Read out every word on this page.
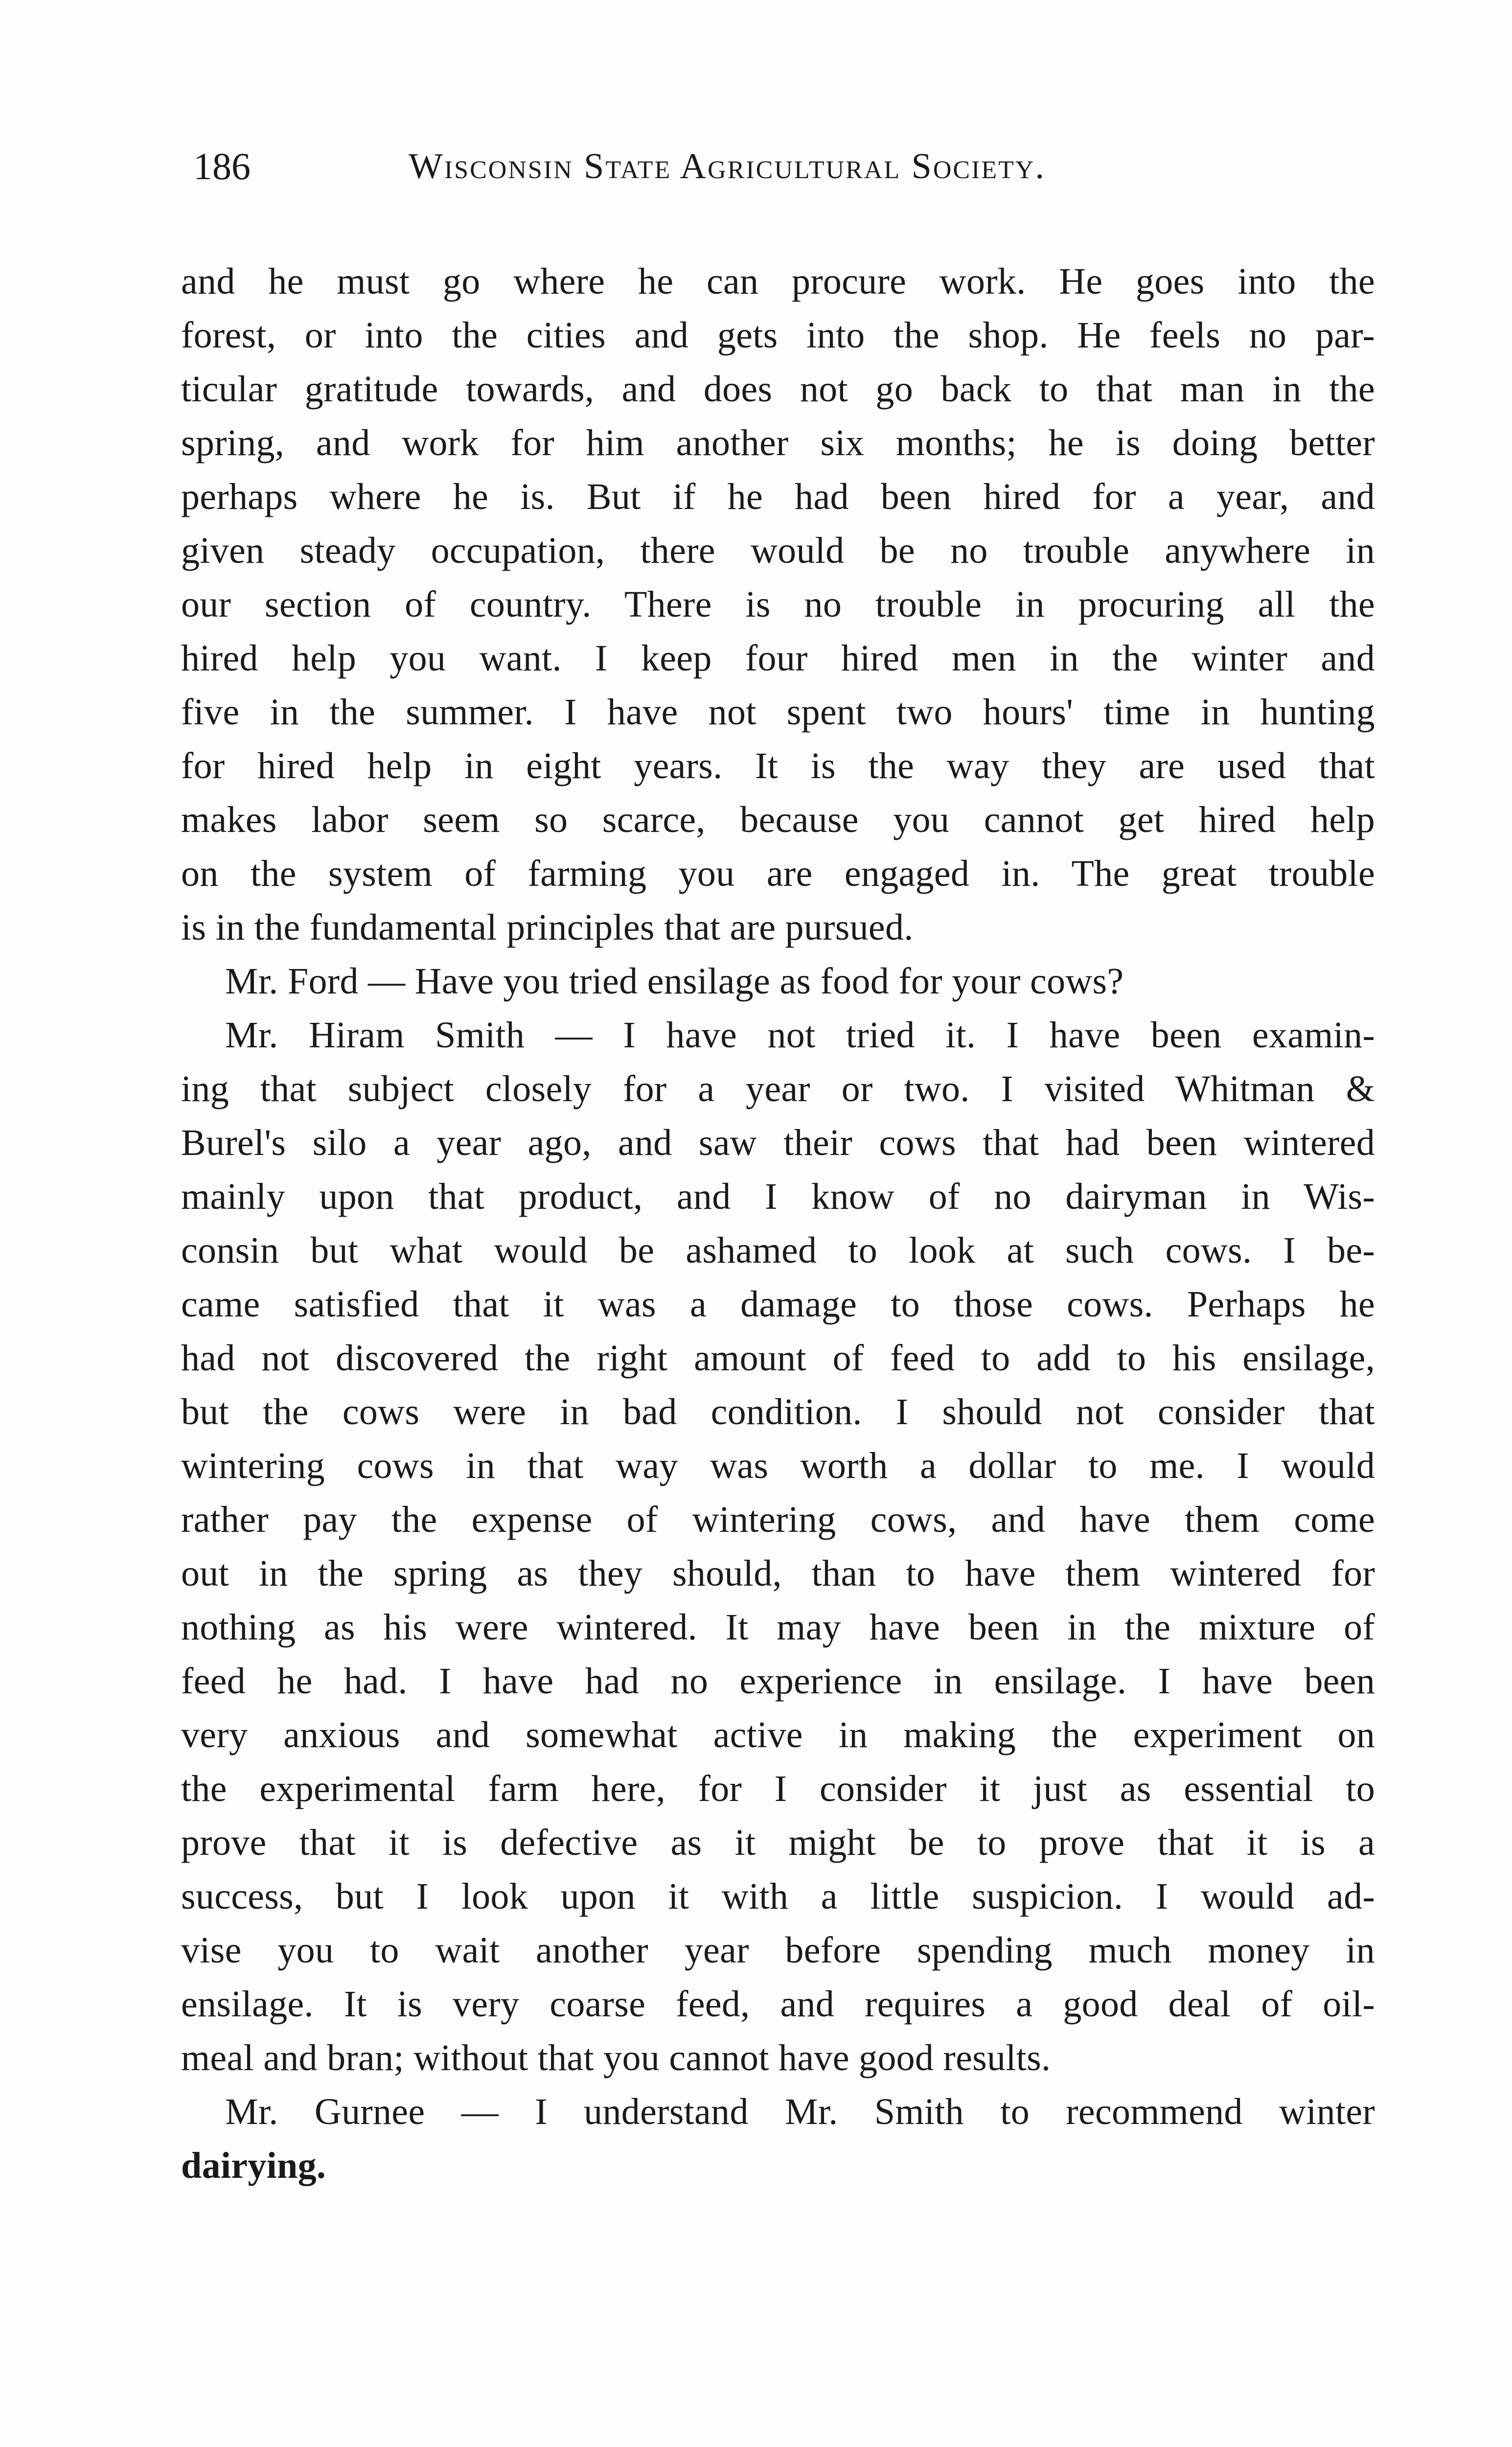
186	Wisconsin State Agricultural Society.
and he must go where he can procure work. He goes into the
forest, or into the cities and gets into the shop. He feels no par-
ticular gratitude towards, and does not go back to that man in the
spring, and work for him another six months; he is doing better
perhaps where he is. But if he had been hired for a year, and
given steady occupation, there would be no trouble anywhere in
our section of country. There is no trouble in procuring all the
hired help you want. I keep four hired men in the winter and
five in the summer. I have not spent two hours' time in hunting
for hired help in eight years. It is the way they are used that
makes labor seem so scarce, because you cannot get hired help
on the system of farming you are engaged in. The great trouble
is in the fundamental principles that are pursued.
Mr. Ford — Have you tried ensilage as food for your cows?
Mr. Hiram Smith — I have not tried it. I have been examin-
ing that subject closely for a year or two. I visited Whitman &
Burel's silo a year ago, and saw their cows that had been wintered
mainly upon that product, and I know of no dairyman in Wis-
consin but what would be ashamed to look at such cows. I be-
came satisfied that it was a damage to those cows. Perhaps he
had not discovered the right amount of feed to add to his ensilage,
but the cows were in bad condition. I should not consider that
wintering cows in that way was worth a dollar to me. I would
rather pay the expense of wintering cows, and have them come
out in the spring as they should, than to have them wintered for
nothing as his were wintered. It may have been in the mixture of
feed he had. I have had no experience in ensilage. I have been
very anxious and somewhat active in making the experiment on
the experimental farm here, for I consider it just as essential to
prove that it is defective as it might be to prove that it is a
success, but I look upon it with a little suspicion. I would ad-
vise you to wait another year before spending much money in
ensilage. It is very coarse feed, and requires a good deal of oil-
meal and bran; without that you cannot have good results.
Mr. Gurnee — I understand Mr. Smith to recommend winter
dairying.
